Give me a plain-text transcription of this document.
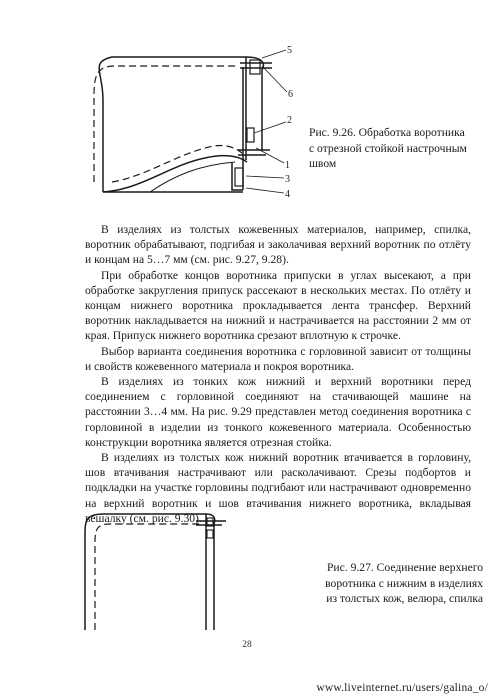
5
6
2
1
3
4
Рис. 9.26. Обработка воротника
с отрезной стойкой настрочным
швом

В изделиях из толстых кожевенных материалов, например, спилка, воротник обрабатывают, подгибая и заколачивая верхний воротник по отлёту и концам на 5…7 мм (см. рис. 9.27, 9.28).

При обработке концов воротника припуски в углах высекают, а при обработке закругления припуск рассекают в нескольких местах. По отлёту и концам нижнего воротника прокладывается лента трансфер. Верхний воротник накладывается на нижний и настрачивается на расстоянии 2 мм от края. Припуск нижнего воротника срезают вплотную к строчке.

Выбор варианта соединения воротника с горловиной зависит от толщины и свойств кожевенного материала и покроя воротника.

В изделиях из тонких кож нижний и верхний воротники перед соединением с горловиной соединяют на стачивающей машине на расстоянии 3…4 мм. На рис. 9.29 представлен метод соединения воротника с горловиной в изделии из тонкого кожевенного материала. Особенностью конструкции воротника является отрезная стойка.

В изделиях из толстых кож нижний воротник втачивается в горловину, шов втачивания настрачивают или расколачивают. Срезы подбортов и подкладки на участке горловины подгибают или настрачивают одновременно на верхний воротник и шов втачивания нижнего воротника, вкладывая вешалку (см. рис. 9.30).

Рис. 9.27. Соединение верхнего
воротника с нижним в изделиях
из толстых кож, велюра, спилка
28
www.liveinternet.ru/users/galina_o/
